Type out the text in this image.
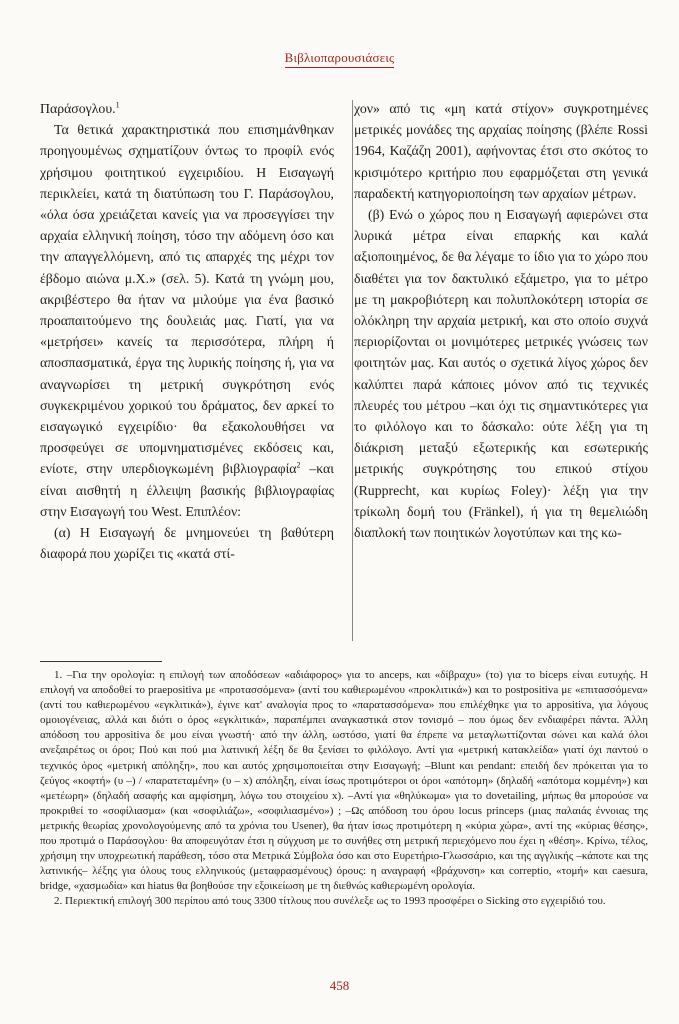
Βιβλιοπαρουσιάσεις

Παράσογλου.$^1$

Τα θετικά χαρακτηριστικά που επισημάνθηκαν προηγουμένως σχηματίζουν όντως το προφίλ ενός χρήσιμου φοιτητικού εγχειριδίου. Η Εισαγωγή περικλείει, κατά τη διατύπωση του Γ. Παράσογλου, «όλα όσα χρειάζεται κανείς για να προσεγγίσει την αρχαία ελληνική ποίηση, τόσο την αδόμενη όσο και την απαγγελλόμενη, από τις απαρχές της μέχρι τον έβδομο αιώνα μ.Χ.» (σελ. 5). Κατά τη γνώμη μου, ακριβέστερο θα ήταν να μιλούμε για ένα βασικό προαπαιτούμενο της δουλειάς μας. Γιατί, για να «μετρήσει» κανείς τα περισσότερα, πλήρη ή αποσπασματικά, έργα της λυρικής ποίησης ή, για να αναγνωρίσει τη μετρική συγκρότηση ενός συγκεκριμένου χορικού του δράματος, δεν αρκεί το εισαγωγικό εγχειρίδιο· θα εξακολουθήσει να προσφεύγει σε υπομνηματισμένες εκδόσεις και, ενίοτε, στην υπερδιογκωμένη βιβλιογραφία$^2$ –και είναι αισθητή η έλλειψη βασικής βιβλιογραφίας στην Εισαγωγή του West. Επιπλέον:

(α) Η Εισαγωγή δε μνημονεύει τη βαθύτερη διαφορά που χωρίζει τις «κατά στί-

χον» από τις «μη κατά στίχον» συγκροτημένες μετρικές μονάδες της αρχαίας ποίησης (βλέπε Rossi 1964, Καζάζη 2001), αφήνοντας έτσι στο σκότος το κρισιμότερο κριτήριο που εφαρμόζεται στη γενικά παραδεκτή κατηγοριοποίηση των αρχαίων μέτρων.

(β) Ενώ ο χώρος που η Εισαγωγή αφιερώνει στα λυρικά μέτρα είναι επαρκής και καλά αξιοποιημένος, δε θα λέγαμε το ίδιο για το χώρο που διαθέτει για τον δακτυλικό εξάμετρο, για το μέτρο με τη μακροβιότερη και πολυπλοκότερη ιστορία σε ολόκληρη την αρχαία μετρική, και στο οποίο συχνά περιορίζονται οι μονιμότερες μετρικές γνώσεις των φοιτητών μας. Και αυτός ο σχετικά λίγος χώρος δεν καλύπτει παρά κάποιες μόνον από τις τεχνικές πλευρές του μέτρου –και όχι τις σημαντικότερες για το φιλόλογο και το δάσκαλο: ούτε λέξη για τη διάκριση μεταξύ εξωτερικής και εσωτερικής μετρικής συγκρότησης του επικού στίχου (Rupprecht, και κυρίως Foley)· λέξη για την τρίκωλη δομή του (Fränkel), ή για τη θεμελιώδη διαπλοκή των ποιητικών λογοτύπων και της κω-

1. –Για την ορολογία: η επιλογή των αποδόσεων «αδιάφορος» για το anceps, και «δίβραχυ» (το) για το biceps είναι ευτυχής. Η επιλογή να αποδοθεί το praepositiva με «προτασσόμενα» (αντί του καθιερωμένου «προκλιτικά») και το postpositiva με «επιτασσόμενα» (αντί του καθιερωμένου «εγκλιτικά»), έγινε κατ' αναλογία προς το «παρατασσόμενα» που επιλέχθηκε για το appositiva, για λόγους ομοιογένειας, αλλά και διότι ο όρος «εγκλιτικά», παραπέμπει αναγκαστικά στον τονισμό – που όμως δεν ενδιαφέρει πάντα. Άλλη απόδοση του appositiva δε μου είναι γνωστή· από την άλλη, ωστόσο, γιατί θα έπρεπε να μεταγλωττίζονται σώνει και καλά όλοι ανεξαιρέτως οι όροι; Πού και πού μια λατινική λέξη δε θα ξενίσει το φιλόλογο. Αντί για «μετρική κατακλείδα» γιατί όχι παντού ο τεχνικός όρος «μετρική απόληξη», που και αυτός χρησιμοποιείται στην Εισαγωγή; –Blunt και pendant: επειδή δεν πρόκειται για το ζεύγος «κοφτή» (υ –) / «παρατεταμένη» (υ – x) απόληξη, είναι ίσως προτιμότεροι οι όροι «απότομη» (δηλαδή «απότομα κομμένη») και «μετέωρη» (δηλαδή ασαφής και αμφίσημη, λόγω του στοιχείου x). –Αντί για «θηλύκωμα» για το dovetailing, μήπως θα μπορούσε να προκριθεί το «σοφίλιασμα» (και «σοφιλιάζω», «σοφιλιασμένο») ; –Ως απόδοση του όρου locus princeps (μιας παλαιάς έννοιας της μετρικής θεωρίας χρονολογούμενης από τα χρόνια του Usener), θα ήταν ίσως προτιμότερη η «κύρια χώρα», αντί της «κύριας θέσης», που προτιμά ο Παράσογλου· θα αποφευγόταν έτσι η σύγχυση με το συνήθες στη μετρική περιεχόμενο που έχει η «θέση». Κρίνω, τέλος, χρήσιμη την υποχρεωτική παράθεση, τόσο στα Μετρικά Σύμβολα όσο και στο Ευρετήριο-Γλωσσάριο, και της αγγλικής –κάποτε και της λατινικής– λέξης για όλους τους ελληνικούς (μεταφρασμένους) όρους: η αναγραφή «βράχυνση» και correptio, «τομή» και caesura, bridge, «χασμωδία» και hiatus θα βοηθούσε την εξοικείωση με τη διεθνώς καθιερωμένη ορολογία.

2. Περιεκτική επιλογή 300 περίπου από τους 3300 τίτλους που συνέλεξε ως το 1993 προσφέρει ο Sicking στο εγχειρίδιό του.

458
